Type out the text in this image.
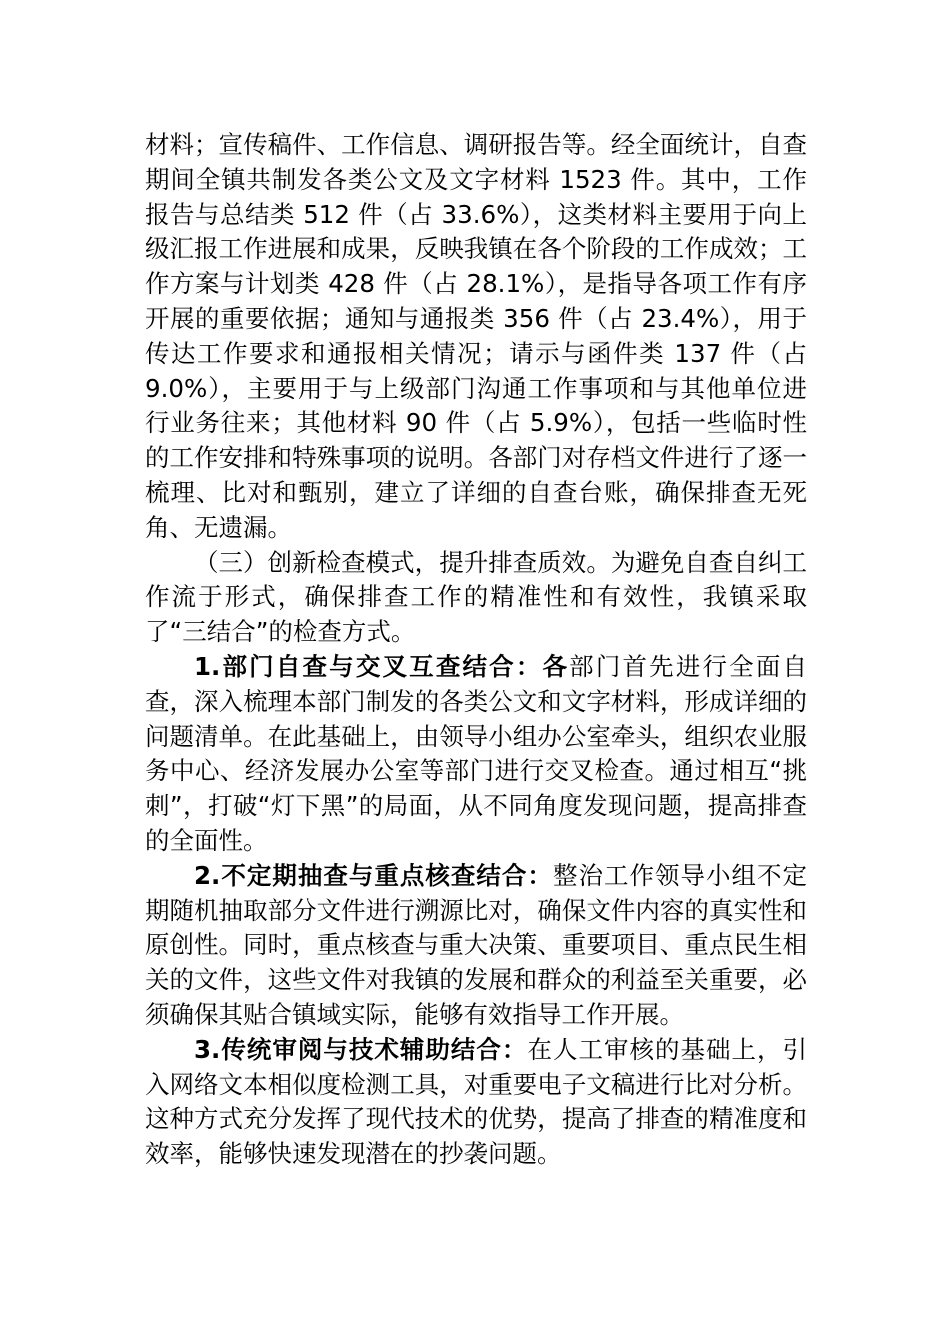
材料；宣传稿件、工作信息、调研报告等。经全面统计，自查期间全镇共制发各类公文及文字材料 1523 件。其中，工作报告与总结类 512 件（占 33.6%），这类材料主要用于向上级汇报工作进展和成果，反映我镇在各个阶段的工作成效；工作方案与计划类 428 件（占 28.1%），是指导各项工作有序开展的重要依据；通知与通报类 356 件（占 23.4%），用于传达工作要求和通报相关情况；请示与函件类 137 件（占 9.0%），主要用于与上级部门沟通工作事项和与其他单位进行业务往来；其他材料 90 件（占 5.9%），包括一些临时性的工作安排和特殊事项的说明。各部门对存档文件进行了逐一梳理、比对和甄别，建立了详细的自查台账，确保排查无死角、无遗漏。

（三）创新检查模式，提升排查质效。为避免自查自纠工作流于形式，确保排查工作的精准性和有效性，我镇采取了“三结合”的检查方式。

1.部门自查与交叉互查结合：各部门首先进行全面自查，深入梳理本部门制发的各类公文和文字材料，形成详细的问题清单。在此基础上，由领导小组办公室牵头，组织农业服务中心、经济发展办公室等部门进行交叉检查。通过相互“挑刺”，打破“灯下黑”的局面，从不同角度发现问题，提高排查的全面性。

2.不定期抽查与重点核查结合：整治工作领导小组不定期随机抽取部分文件进行溯源比对，确保文件内容的真实性和原创性。同时，重点核查与重大决策、重要项目、重点民生相关的文件，这些文件对我镇的发展和群众的利益至关重要，必须确保其贴合镇域实际，能够有效指导工作开展。

3.传统审阅与技术辅助结合：在人工审核的基础上，引入网络文本相似度检测工具，对重要电子文稿进行比对分析。这种方式充分发挥了现代技术的优势，提高了排查的精准度和效率，能够快速发现潜在的抄袭问题。
